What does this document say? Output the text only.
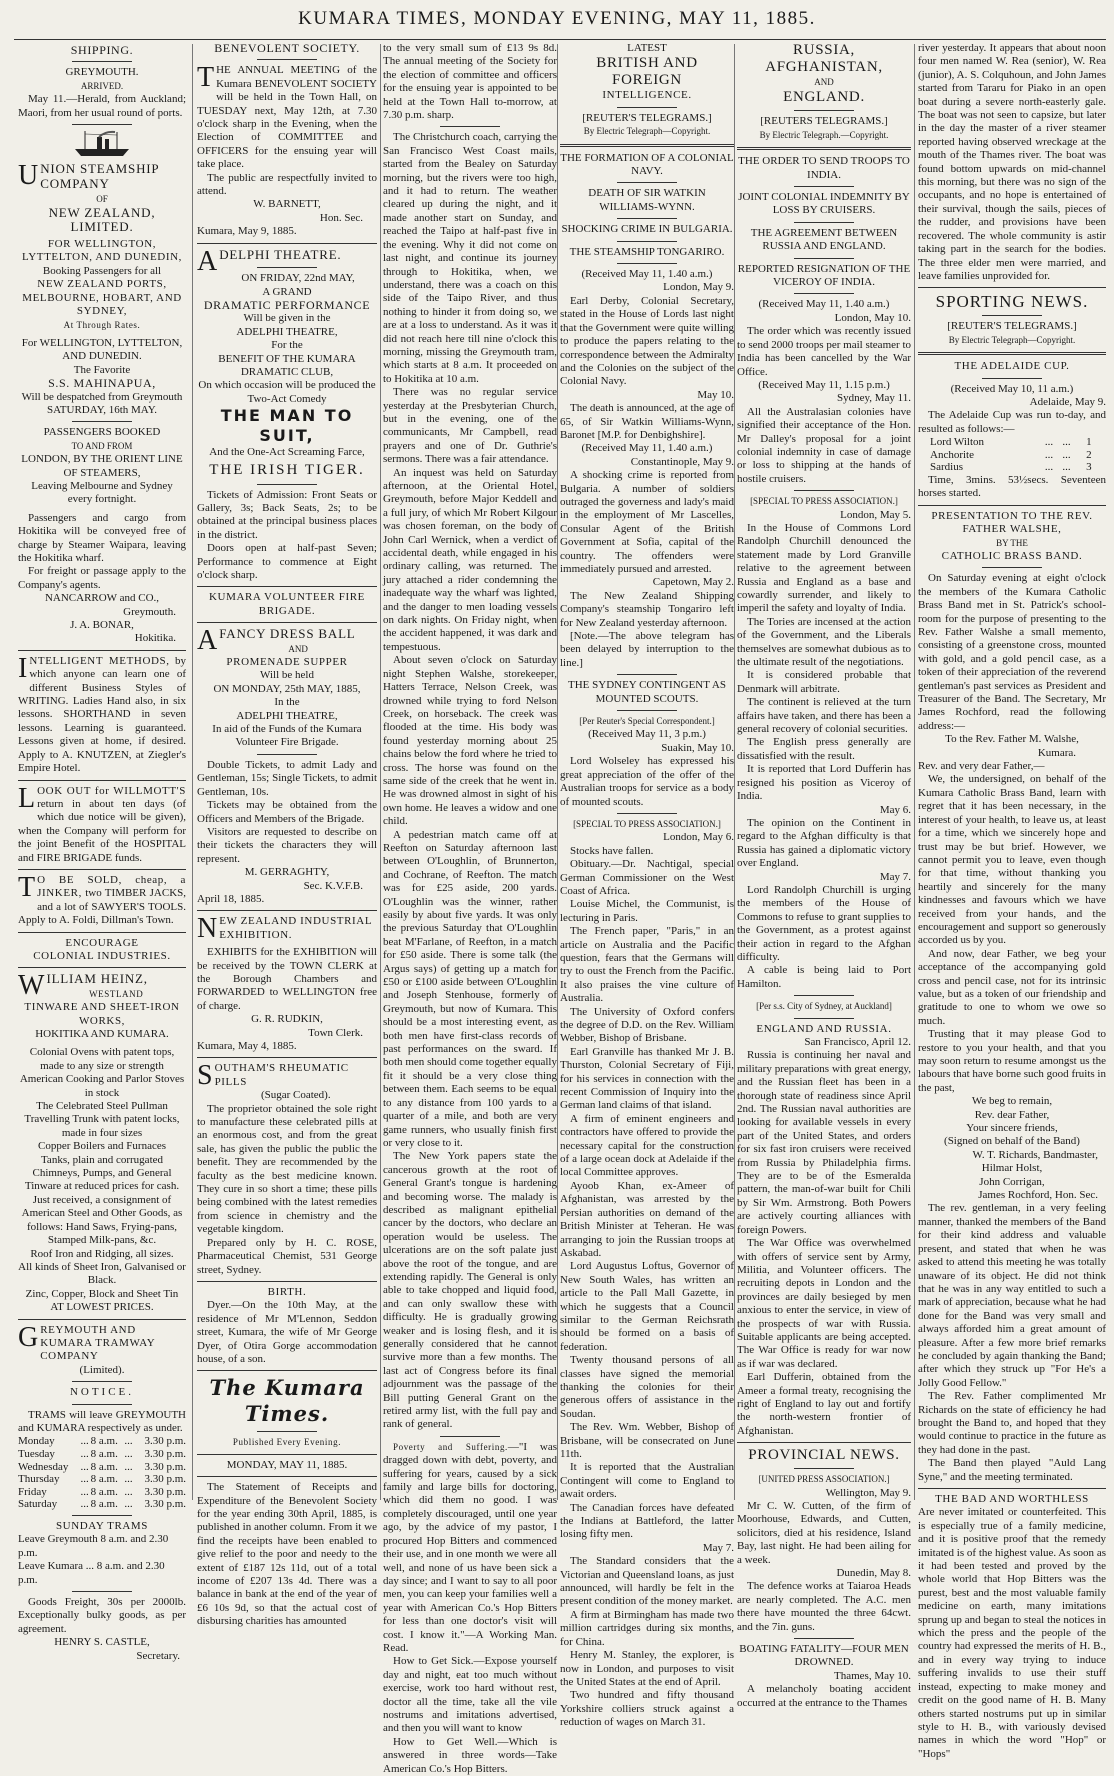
KUMARA TIMES, MONDAY EVENING, MAY 11, 1885.
SHIPPING.
GREYMOUTH.
ARRIVED.
May 11.—Herald, from Auckland; Maori, from her usual round of ports.
UNION STEAMSHIP COMPANY
OF
NEW ZEALAND, LIMITED.
FOR WELLINGTON, LYTTELTON, AND DUNEDIN,
Booking Passengers for all
NEW ZEALAND PORTS, MELBOURNE, HOBART, AND SYDNEY,
At Through Rates.
For WELLINGTON, LYTTELTON, AND DUNEDIN.
The Favorite
S.S. MAHINAPUA,
Will be despatched from Greymouth
SATURDAY, 16th MAY.
PASSENGERS BOOKED
TO AND FROM
LONDON, BY THE ORIENT LINE OF STEAMERS,
Leaving Melbourne and Sydney every fortnight.
Passengers and cargo from Hokitika will be conveyed free of charge by Steamer Waipara, leaving the Hokitika wharf.
For freight or passage apply to the Company's agents.
NANCARROW and CO.,
Greymouth.
J. A. BONAR,
Hokitika.
INTELLIGENT METHODS, by which anyone can learn one of different Business Styles of WRITING. Ladies Hand also, in six lessons. SHORTHAND in seven lessons. Learning is guaranteed. Lessons given at home, if desired. Apply to A. KNUTZEN, at Ziegler's Empire Hotel.
LOOK OUT for WILLMOTT'S return in about ten days (of which due notice will be given), when the Company will perform for the joint Benefit of the HOSPITAL and FIRE BRIGADE funds.
T O BE SOLD, cheap, a JINKER, two TIMBER JACKS, and a lot of SAWYER'S TOOLS. Apply to A. Foldi, Dillman's Town.
ENCOURAGE
COLONIAL INDUSTRIES.
WILLIAM HEINZ,
WESTLAND
TINWARE AND SHEET-IRON WORKS,
HOKITIKA AND KUMARA.
Colonial Ovens with patent tops, made to any size or strength
American Cooking and Parlor Stoves in stock
The Celebrated Steel Pullman Travelling Trunk with patent locks, made in four sizes
Copper Boilers and Furnaces
Tanks, plain and corrugated
Chimneys, Pumps, and General Tinware at reduced prices for cash.
Just received, a consignment of American Steel and Other Goods, as follows: Hand Saws, Frying-pans, Stamped Milk-pans, &c.
Roof Iron and Ridging, all sizes.
All kinds of Sheet Iron, Galvanised or Black.
Zinc, Copper, Block and Sheet Tin
AT LOWEST PRICES.
GREYMOUTH AND KUMARA TRAMWAY COMPANY
(Limited).
NOTICE.
TRAMS will leave GREYMOUTH and KUMARA respectively as under.
Monday	...	8 a.m.	...	3.30 p.m.
Tuesday	...	8 a.m.	...	3.30 p.m.
Wednesday	...	8 a.m.	...	3.30 p.m.
Thursday	...	8 a.m.	...	3.30 p.m.
Friday	...	8 a.m.	...	3.30 p.m.
Saturday	...	8 a.m.	...	3.30 p.m.
SUNDAY TRAMS
Leave Greymouth 8 a.m. and 2.30 p.m.
Leave Kumara ... 8 a.m. and 2.30 p.m.
Goods Freight, 30s per 2000lb. Exceptionally bulky goods, as per agreement.
HENRY S. CASTLE,
Secretary.
BENEVOLENT SOCIETY.
THE ANNUAL MEETING of the Kumara BENEVOLENT SOCIETY will be held in the Town Hall, on TUESDAY next, May 12th, at 7.30 o'clock sharp in the Evening, when the Election of COMMITTEE and OFFICERS for the ensuing year will take place.
The public are respectfully invited to attend.
W. BARNETT,
Hon. Sec.
Kumara, May 9, 1885.
ADELPHI THEATRE.
ON FRIDAY, 22nd MAY,
A GRAND
DRAMATIC PERFORMANCE
Will be given in the
ADELPHI THEATRE,
For the
BENEFIT OF THE KUMARA DRAMATIC CLUB,
On which occasion will be produced the
Two-Act Comedy
THE MAN TO SUIT,
And the One-Act Screaming Farce,
THE IRISH TIGER.
Tickets of Admission: Front Seats or Gallery, 3s; Back Seats, 2s; to be obtained at the principal business places in the district.
Doors open at half-past Seven; Performance to commence at Eight o'clock sharp.
KUMARA VOLUNTEER FIRE BRIGADE.
AFANCY DRESS BALL
AND
PROMENADE SUPPER
Will be held
ON MONDAY, 25th MAY, 1885,
In the
ADELPHI THEATRE,
In aid of the Funds of the Kumara Volunteer Fire Brigade.
Double Tickets, to admit Lady and Gentleman, 15s; Single Tickets, to admit Gentleman, 10s.
Tickets may be obtained from the Officers and Members of the Brigade.
Visitors are requested to describe on their tickets the characters they will represent.
M. GERRAGHTY,
Sec. K.V.F.B.
April 18, 1885.
NEW ZEALAND INDUSTRIAL EXHIBITION.
EXHIBITS for the EXHIBITION will be received by the TOWN CLERK at the Borough Chambers and FORWARDED to WELLINGTON free of charge.
G. R. RUDKIN,
Town Clerk.
Kumara, May 4, 1885.
SOUTHAM'S RHEUMATIC PILLS
(Sugar Coated).
The proprietor obtained the sole right to manufacture these celebrated pills at an enormous cost, and from the great sale, has given the public the public the benefit. They are recommended by the faculty as the best medicine known. They cure in so short a time; these pills being combined with the latest remedies from science in chemistry and the vegetable kingdom.
Prepared only by H. C. ROSE, Pharmaceutical Chemist, 531 George street, Sydney.
BIRTH.
Dyer.—On the 10th May, at the residence of Mr M'Lennon, Seddon street, Kumara, the wife of Mr George Dyer, of Otira Gorge accommodation house, of a son.
The Kumara Times.
Published Every Evening.
MONDAY, MAY 11, 1885.
The Statement of Receipts and Expenditure of the Benevolent Society for the year ending 30th April, 1885, is published in another column. From it we find the receipts have been enabled to give relief to the poor and needy to the extent of £187 12s 11d, out of a total income of £207 13s 4d. There was a balance in bank at the end of the year of £6 10s 9d, so that the actual cost of disbursing charities has amounted
to the very small sum of £13 9s 8d. The annual meeting of the Society for the election of committee and officers for the ensuing year is appointed to be held at the Town Hall to-morrow, at 7.30 p.m. sharp.
The Christchurch coach, carrying the San Francisco West Coast mails, started from the Bealey on Saturday morning, but the rivers were too high, and it had to return. The weather cleared up during the night, and it made another start on Sunday, and reached the Taipo at half-past five in the evening. Why it did not come on last night, and continue its journey through to Hokitika, when, we understand, there was a coach on this side of the Taipo River, and thus nothing to hinder it from doing so, we are at a loss to understand. As it was it did not reach here till nine o'clock this morning, missing the Greymouth tram, which starts at 8 a.m. It proceeded on to Hokitika at 10 a.m.
There was no regular service yesterday at the Presbyterian Church, but in the evening, one of the communicants, Mr Campbell, read prayers and one of Dr. Guthrie's sermons. There was a fair attendance.
An inquest was held on Saturday afternoon, at the Oriental Hotel, Greymouth, before Major Keddell and a full jury, of which Mr Robert Kilgour was chosen foreman, on the body of John Carl Wernick, when a verdict of accidental death, while engaged in his ordinary calling, was returned. The jury attached a rider condemning the inadequate way the wharf was lighted, and the danger to men loading vessels on dark nights. On Friday night, when the accident happened, it was dark and tempestuous.
About seven o'clock on Saturday night Stephen Walshe, storekeeper, Hatters Terrace, Nelson Creek, was drowned while trying to ford Nelson Creek, on horseback. The creek was flooded at the time. His body was found yesterday morning about 25 chains below the ford where he tried to cross. The horse was found on the same side of the creek that he went in. He was drowned almost in sight of his own home. He leaves a widow and one child.
A pedestrian match came off at Reefton on Saturday afternoon last between O'Loughlin, of Brunnerton, and Cochrane, of Reefton. The match was for £25 aside, 200 yards. O'Loughlin was the winner, rather easily by about five yards. It was only the previous Saturday that O'Loughlin beat M'Farlane, of Reefton, in a match for £50 aside. There is some talk (the Argus says) of getting up a match for £50 or £100 aside between O'Loughlin and Joseph Stenhouse, formerly of Greymouth, but now of Kumara. This should be a most interesting event, as both men have first-class records of past performances on the sward. If both men should come together equally fit it should be a very close thing between them. Each seems to be equal to any distance from 100 yards to a quarter of a mile, and both are very game runners, who usually finish first or very close to it.
The New York papers state the cancerous growth at the root of General Grant's tongue is hardening and becoming worse. The malady is described as malignant epithelial cancer by the doctors, who declare an operation would be useless. The ulcerations are on the soft palate just above the root of the tongue, and are extending rapidly. The General is only able to take chopped and liquid food, and can only swallow these with difficulty. He is gradually growing weaker and is losing flesh, and it is generally considered that he cannot survive more than a few months. The last act of Congress before its final adjournment was the passage of the Bill putting General Grant on the retired army list, with the full pay and rank of general.
Poverty and Suffering.—"I was dragged down with debt, poverty, and suffering for years, caused by a sick family and large bills for doctoring, which did them no good. I was completely discouraged, until one year ago, by the advice of my pastor, I procured Hop Bitters and commenced their use, and in one month we were all well, and none of us have been sick a day since; and I want to say to all poor men, you can keep your families well a year with American Co.'s Hop Bitters for less than one doctor's visit will cost. I know it."—A Working Man. Read.
How to Get Sick.—Expose yourself day and night, eat too much without exercise, work too hard without rest, doctor all the time, take all the vile nostrums and imitations advertised, and then you will want to know
How to Get Well.—Which is answered in three words—Take American Co.'s Hop Bitters.
LATEST
BRITISH AND FOREIGN
INTELLIGENCE.
[REUTER'S TELEGRAMS.]
By Electric Telegraph—Copyright.
THE FORMATION OF A COLONIAL NAVY.
DEATH OF SIR WATKIN WILLIAMS-WYNN.
SHOCKING CRIME IN BULGARIA.
THE STEAMSHIP TONGARIRO.
(Received May 11, 1.40 a.m.)
London, May 9.
Earl Derby, Colonial Secretary, stated in the House of Lords last night that the Government were quite willing to produce the papers relating to the correspondence between the Admiralty and the Colonies on the subject of the Colonial Navy.
May 10.
The death is announced, at the age of 65, of Sir Watkin Williams-Wynn, Baronet [M.P. for Denbighshire].
(Received May 11, 1.40 a.m.)
Constantinople, May 9.
A shocking crime is reported from Bulgaria. A number of soldiers outraged the governess and lady's maid in the employment of Mr Lascelles, Consular Agent of the British Government at Sofia, capital of the country. The offenders were immediately pursued and arrested.
Capetown, May 2.
The New Zealand Shipping Company's steamship Tongariro left for New Zealand yesterday afternoon.
[Note.—The above telegram has been delayed by interruption to the line.]
THE SYDNEY CONTINGENT AS MOUNTED SCOUTS.
[Per Reuter's Special Correspondent.]
(Received May 11, 3 p.m.)
Suakin, May 10.
Lord Wolseley has expressed his great appreciation of the offer of the Australian troops for service as a body of mounted scouts.
[SPECIAL TO PRESS ASSOCIATION.]
London, May 6.
Stocks have fallen.
Obituary.—Dr. Nachtigal, special German Commissioner on the West Coast of Africa.
Louise Michel, the Communist, is lecturing in Paris.
The French paper, "Paris," in an article on Australia and the Pacific question, fears that the Germans will try to oust the French from the Pacific. It also praises the vine culture of Australia.
The University of Oxford confers the degree of D.D. on the Rev. William Webber, Bishop of Brisbane.
Earl Granville has thanked Mr J. B. Thurston, Colonial Secretary of Fiji, for his services in connection with the recent Commission of Inquiry into the German land claims of that island.
A firm of eminent engineers and contractors have offered to provide the necessary capital for the construction of a large ocean dock at Adelaide if the local Committee approves.
Ayoob Khan, ex-Ameer of Afghanistan, was arrested by the Persian authorities on demand of the British Minister at Teheran. He was arranging to join the Russian troops at Askabad.
Lord Augustus Loftus, Governor of New South Wales, has written an article to the Pall Mall Gazette, in which he suggests that a Council similar to the German Reichsrath should be formed on a basis of federation.
Twenty thousand persons of all classes have signed the memorial thanking the colonies for their generous offers of assistance in the Soudan.
The Rev. Wm. Webber, Bishop of Brisbane, will be consecrated on June 11th.
It is reported that the Australian Contingent will come to England to await orders.
The Canadian forces have defeated the Indians at Battleford, the latter losing fifty men.
May 7.
The Standard considers that the Victorian and Queensland loans, as just announced, will hardly be felt in the present condition of the money market.
A firm at Birmingham has made two million cartridges during six months, for China.
Henry M. Stanley, the explorer, is now in London, and purposes to visit the United States at the end of April.
Two hundred and fifty thousand Yorkshire colliers struck against a reduction of wages on March 31.
RUSSIA, AFGHANISTAN,
AND
ENGLAND.
[REUTERS TELEGRAMS.]
By Electric Telegraph.—Copyright.
THE ORDER TO SEND TROOPS TO INDIA.
JOINT COLONIAL INDEMNITY BY LOSS BY CRUISERS.
THE AGREEMENT BETWEEN RUSSIA AND ENGLAND.
REPORTED RESIGNATION OF THE VICEROY OF INDIA.
(Received May 11, 1.40 a.m.)
London, May 10.
The order which was recently issued to send 2000 troops per mail steamer to India has been cancelled by the War Office.
(Received May 11, 1.15 p.m.)
Sydney, May 11.
All the Australasian colonies have signified their acceptance of the Hon. Mr Dalley's proposal for a joint colonial indemnity in case of damage or loss to shipping at the hands of hostile cruisers.
[SPECIAL TO PRESS ASSOCIATION.]
London, May 5.
In the House of Commons Lord Randolph Churchill denounced the statement made by Lord Granville relative to the agreement between Russia and England as a base and cowardly surrender, and likely to imperil the safety and loyalty of India.
The Tories are incensed at the action of the Government, and the Liberals themselves are somewhat dubious as to the ultimate result of the negotiations.
It is considered probable that Denmark will arbitrate.
The continent is relieved at the turn affairs have taken, and there has been a general recovery of colonial securities.
The English press generally are dissatisfied with the result.
It is reported that Lord Dufferin has resigned his position as Viceroy of India.
May 6.
The opinion on the Continent in regard to the Afghan difficulty is that Russia has gained a diplomatic victory over England.
May 7.
Lord Randolph Churchill is urging the members of the House of Commons to refuse to grant supplies to the Government, as a protest against their action in regard to the Afghan difficulty.
A cable is being laid to Port Hamilton.
[Per s.s. City of Sydney, at Auckland]
ENGLAND AND RUSSIA.
San Francisco, April 12.
Russia is continuing her naval and military preparations with great energy, and the Russian fleet has been in a thorough state of readiness since April 2nd. The Russian naval authorities are looking for available vessels in every part of the United States, and orders for six fast iron cruisers were received from Russia by Philadelphia firms. They are to be of the Esmeralda pattern, the man-of-war built for Chili by Sir Wm. Armstrong. Both Powers are actively courting alliances with foreign Powers.
The War Office was overwhelmed with offers of service sent by Army, Militia, and Volunteer officers. The recruiting depots in London and the provinces are daily besieged by men anxious to enter the service, in view of the prospects of war with Russia. Suitable applicants are being accepted. The War Office is ready for war now as if war was declared.
Earl Dufferin, obtained from the Ameer a formal treaty, recognising the right of England to lay out and fortify the north-western frontier of Afghanistan.
PROVINCIAL NEWS.
[UNITED PRESS ASSOCIATION.]
Wellington, May 9.
Mr C. W. Cutten, of the firm of Moorhouse, Edwards, and Cutten, solicitors, died at his residence, Island Bay, last night. He had been ailing for a week.
Dunedin, May 8.
The defence works at Taiaroa Heads are nearly completed. The A.C. men there have mounted the three 64cwt. and the 7in. guns.
BOATING FATALITY—FOUR MEN DROWNED.
Thames, May 10.
A melancholy boating accident occurred at the entrance to the Thames
river yesterday. It appears that about noon four men named W. Rea (senior), W. Rea (junior), A. S. Colquhoun, and John James started from Tararu for Piako in an open boat during a severe north-easterly gale. The boat was not seen to capsize, but later in the day the master of a river steamer reported having observed wreckage at the mouth of the Thames river. The boat was found bottom upwards on mid-channel this morning, but there was no sign of the occupants, and no hope is entertained of their survival, though the sails, pieces of the rudder, and provisions have been recovered. The whole community is astir taking part in the search for the bodies. The three elder men were married, and leave families unprovided for.
SPORTING NEWS.
[REUTER'S TELEGRAMS.]
By Electric Telegraph—Copyright.
THE ADELAIDE CUP.
(Received May 10, 11 a.m.)
Adelaide, May 9.
The Adelaide Cup was run to-day, and resulted as follows:—
Lord Wilton	...	...	1
Anchorite	...	...	2
Sardius	...	...	3
Time, 3mins. 53½secs. Seventeen horses started.
PRESENTATION TO THE REV. FATHER WALSHE,
BY THE
CATHOLIC BRASS BAND.
On Saturday evening at eight o'clock the members of the Kumara Catholic Brass Band met in St. Patrick's school-room for the purpose of presenting to the Rev. Father Walshe a small memento, consisting of a greenstone cross, mounted with gold, and a gold pencil case, as a token of their appreciation of the reverend gentleman's past services as President and Treasurer of the Band. The Secretary, Mr James Rochford, read the following address:—
To the Rev. Father M. Walshe,
Kumara.
Rev. and very dear Father,—
We, the undersigned, on behalf of the Kumara Catholic Brass Band, learn with regret that it has been necessary, in the interest of your health, to leave us, at least for a time, which we sincerely hope and trust may be but brief. However, we cannot permit you to leave, even though for that time, without thanking you heartily and sincerely for the many kindnesses and favours which we have received from your hands, and the encouragement and support so generously accorded us by you.
And now, dear Father, we beg your acceptance of the accompanying gold cross and pencil case, not for its intrinsic value, but as a token of our friendship and gratitude to one to whom we owe so much.
Trusting that it may please God to restore to you your health, and that you may soon return to resume amongst us the labours that have borne such good fruits in the past,
We beg to remain,
Rev. dear Father,
Your sincere friends,
(Signed on behalf of the Band)
W. T. Richards, Bandmaster,
Hilmar Holst,
John Corrigan,
James Rochford, Hon. Sec.
The rev. gentleman, in a very feeling manner, thanked the members of the Band for their kind address and valuable present, and stated that when he was asked to attend this meeting he was totally unaware of its object. He did not think that he was in any way entitled to such a mark of appreciation, because what he had done for the Band was very small and always afforded him a great amount of pleasure. After a few more brief remarks he concluded by again thanking the Band; after which they struck up "For He's a Jolly Good Fellow."
The Rev. Father complimented Mr Richards on the state of efficiency he had brought the Band to, and hoped that they would continue to practice in the future as they had done in the past.
The Band then played "Auld Lang Syne," and the meeting terminated.
THE BAD AND WORTHLESS
Are never imitated or counterfeited. This is especially true of a family medicine, and it is positive proof that the remedy imitated is of the highest value. As soon as it had been tested and proved by the whole world that Hop Bitters was the purest, best and the most valuable family medicine on earth, many imitations sprung up and began to steal the notices in which the press and the people of the country had expressed the merits of H. B., and in every way trying to induce suffering invalids to use their stuff instead, expecting to make money and credit on the good name of H. B. Many others started nostrums put up in similar style to H. B., with variously devised names in which the word "Hop" or "Hops"
